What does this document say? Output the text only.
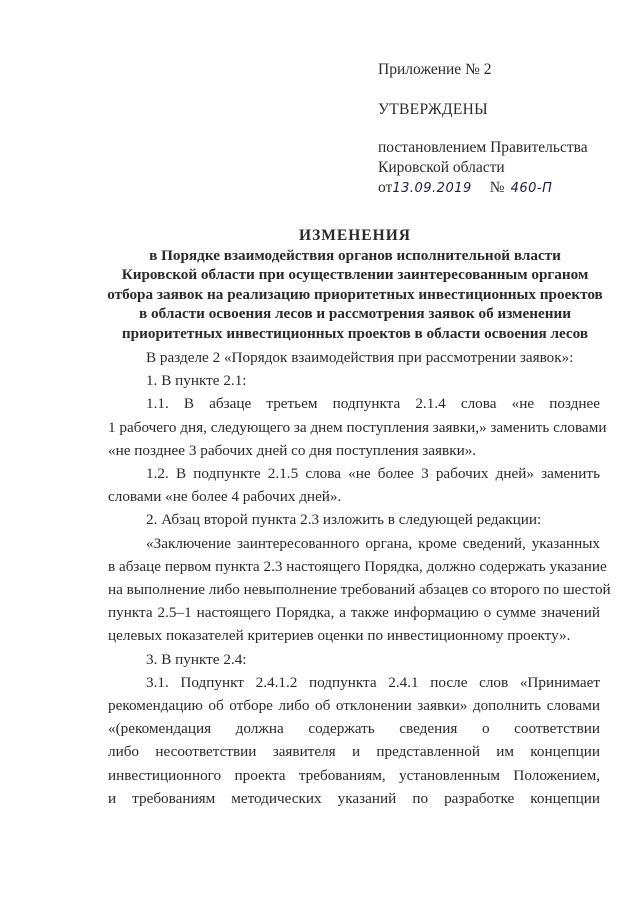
Приложение № 2
УТВЕРЖДЕНЫ
постановлением Правительства
Кировской области
от13.09.2019 № 460-П
ИЗМЕНЕНИЯ
в Порядке взаимодействия органов исполнительной власти
Кировской области при осуществлении заинтересованным органом
отбора заявок на реализацию приоритетных инвестиционных проектов
в области освоения лесов и рассмотрения заявок об изменении
приоритетных инвестиционных проектов в области освоения лесов
В разделе 2 «Порядок взаимодействия при рассмотрении заявок»:
1. В пункте 2.1:
1.1. В абзаце третьем подпункта 2.1.4 слова «не позднее
1 рабочего дня, следующего за днем поступления заявки,» заменить словами
«не позднее 3 рабочих дней со дня поступления заявки».
1.2. В подпункте 2.1.5 слова «не более 3 рабочих дней» заменить
словами «не более 4 рабочих дней».
2. Абзац второй пункта 2.3 изложить в следующей редакции:
«Заключение заинтересованного органа, кроме сведений, указанных
в абзаце первом пункта 2.3 настоящего Порядка, должно содержать указание
на выполнение либо невыполнение требований абзацев со второго по шестой
пункта 2.5–1 настоящего Порядка, а также информацию о сумме значений
целевых показателей критериев оценки по инвестиционному проекту».
3. В пункте 2.4:
3.1. Подпункт 2.4.1.2 подпункта 2.4.1 после слов «Принимает
рекомендацию об отборе либо об отклонении заявки» дополнить словами
«(рекомендация должна содержать сведения о соответствии
либо несоответствии заявителя и представленной им концепции
инвестиционного проекта требованиям, установленным Положением,
и требованиям методических указаний по разработке концепции
